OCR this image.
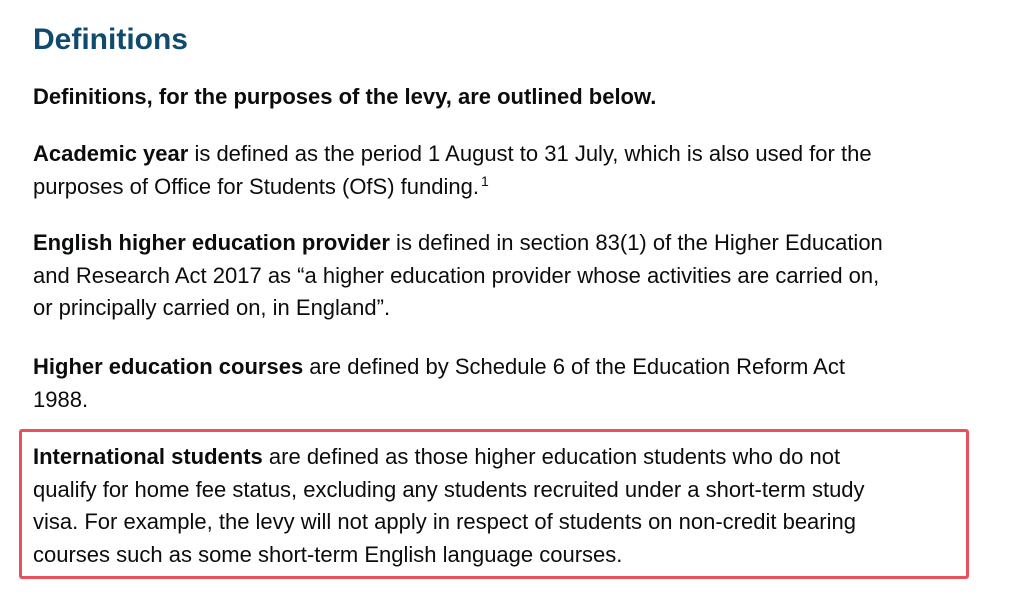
Definitions

Definitions, for the purposes of the levy, are outlined below.

Academic year is defined as the period 1 August to 31 July, which is also used for the
purposes of Office for Students (OfS) funding. $^1$

English higher education provider is defined in section 83(1) of the Higher Education
and Research Act 2017 as “a higher education provider whose activities are carried on,
or principally carried on, in England”.

Higher education courses are defined by Schedule 6 of the Education Reform Act
1988.

International students are defined as those higher education students who do not
qualify for home fee status, excluding any students recruited under a short-term study
visa. For example, the levy will not apply in respect of students on non-credit bearing
courses such as some short-term English language courses.
